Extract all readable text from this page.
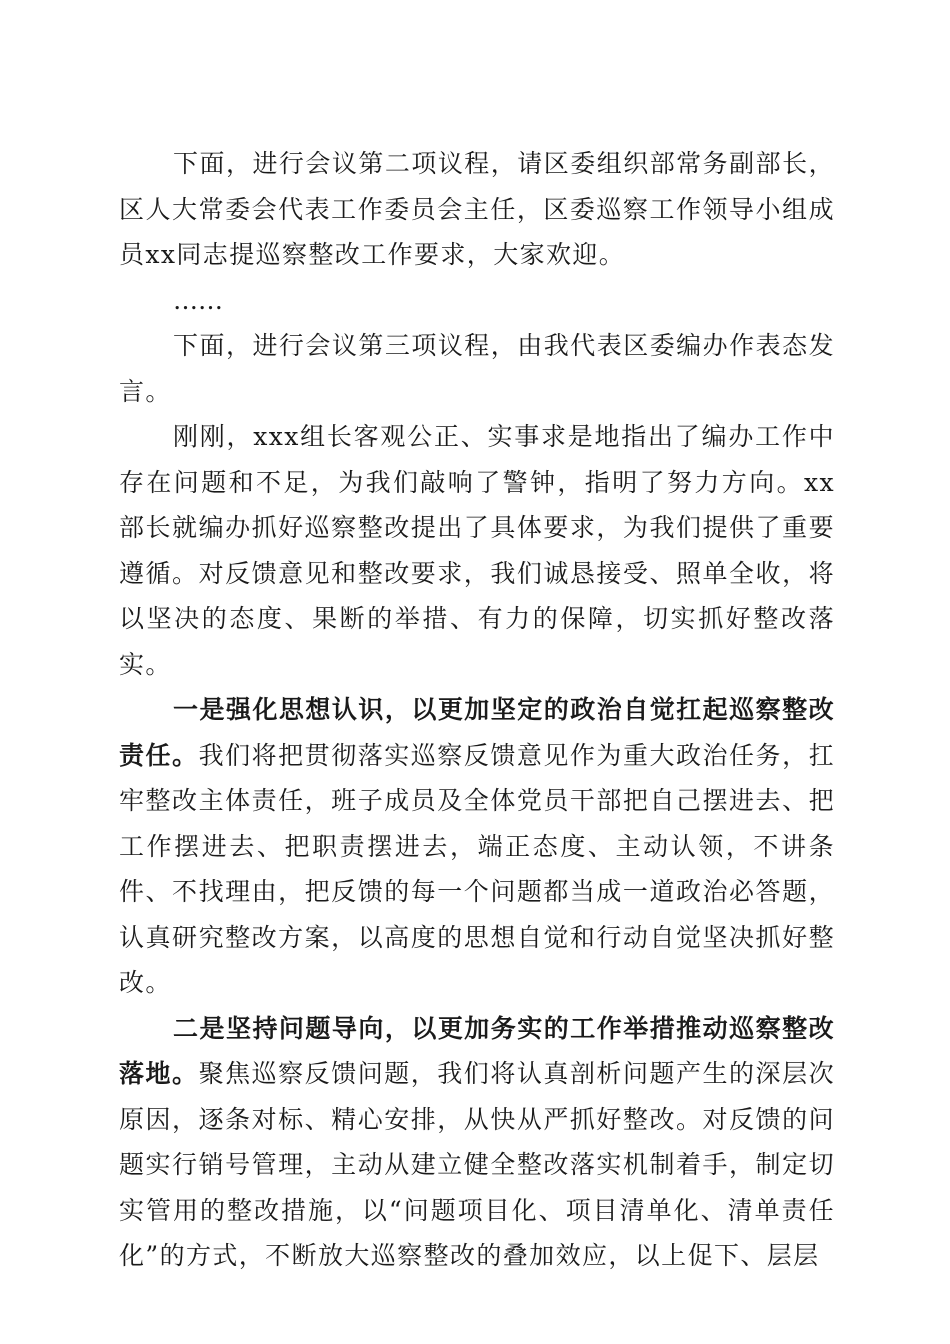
下面，进行会议第二项议程，请区委组织部常务副部长，区人大常委会代表工作委员会主任，区委巡察工作领导小组成员xx同志提巡察整改工作要求，大家欢迎。

……

下面，进行会议第三项议程，由我代表区委编办作表态发言。

刚刚，xxx组长客观公正、实事求是地指出了编办工作中存在问题和不足，为我们敲响了警钟，指明了努力方向。xx部长就编办抓好巡察整改提出了具体要求，为我们提供了重要遵循。对反馈意见和整改要求，我们诚恳接受、照单全收，将以坚决的态度、果断的举措、有力的保障，切实抓好整改落实。

一是强化思想认识，以更加坚定的政治自觉扛起巡察整改责任。我们将把贯彻落实巡察反馈意见作为重大政治任务，扛牢整改主体责任，班子成员及全体党员干部把自己摆进去、把工作摆进去、把职责摆进去，端正态度、主动认领，不讲条件、不找理由，把反馈的每一个问题都当成一道政治必答题，认真研究整改方案，以高度的思想自觉和行动自觉坚决抓好整改。

二是坚持问题导向，以更加务实的工作举措推动巡察整改落地。聚焦巡察反馈问题，我们将认真剖析问题产生的深层次原因，逐条对标、精心安排，从快从严抓好整改。对反馈的问题实行销号管理，主动从建立健全整改落实机制着手，制定切实管用的整改措施，以“问题项目化、项目清单化、清单责任化”的方式，不断放大巡察整改的叠加效应，以上促下、层层
